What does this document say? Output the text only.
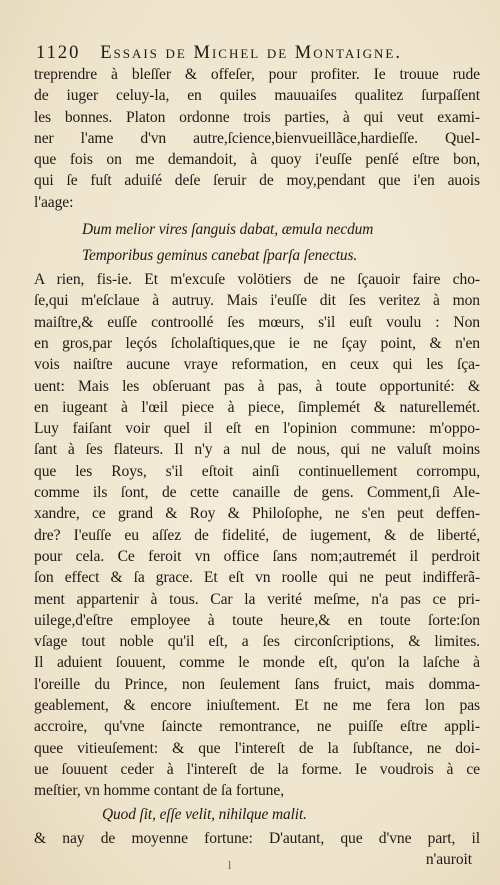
1120 Essais de Michel de Montaigne.
treprendre à bleſſer & offeſer, pour profiter. Ie trouue rude
de iuger celuy-la, en quiles mauuaiſes qualitez ſurpaſſent
les bonnes. Platon ordonne trois parties, à qui veut exami-
ner l'ame d'vn autre,ſcience,bienvueillãce,hardieſſe. Quel-
que fois on me demandoit, à quoy i'euſſe penſé eſtre bon,
qui ſe fuſt aduiſé deſe ſeruir de moy,pendant que i'en auois
l'aage:
Dum melior vires ſanguis dabat, æmula necdum
Temporibus geminus canebat ſparſa ſenectus.
A rien, fis-ie. Et m'excuſe volötiers de ne ſçauoir faire cho-
ſe,qui m'eſclaue à autruy. Mais i'euſſe dit ſes veritez à mon
maiſtre,& euſſe controollé ſes mœurs, s'il euſt voulu : Non
en gros,par leçós ſcholaſtiques,que ie ne ſçay point, & n'en
vois naiſtre aucune vraye reformation, en ceux qui les ſça-
uent: Mais les obſeruant pas à pas, à toute opportunité: &
en iugeant à l'œil piece à piece, ſimplemét & naturellemét.
Luy faiſant voir quel il eſt en l'opinion commune: m'oppo-
ſant à ſes flateurs. Il n'y a nul de nous, qui ne valuſt moins
que les Roys, s'il eſtoit ainſi continuellement corrompu,
comme ils ſont, de cette canaille de gens. Comment,ſi Ale-
xandre, ce grand & Roy & Philoſophe, ne s'en peut deffen-
dre? I'euſſe eu aſſez de fidelité, de iugement, & de liberté,
pour cela. Ce feroit vn office ſans nom;autremét il perdroit
ſon effect & ſa grace. Et eſt vn roolle qui ne peut indifferã-
ment appartenir à tous. Car la verité meſme, n'a pas ce pri-
uilege,d'eſtre employee à toute heure,& en toute ſorte:ſon
vſage tout noble qu'il eſt, a ſes circonſcriptions, & limites.
Il aduient ſouuent, comme le monde eſt, qu'on la laſche à
l'oreille du Prince, non ſeulement ſans fruict, mais domma-
geablement, & encore iniuſtement. Et ne me fera lon pas
accroire, qu'vne ſaincte remontrance, ne puiſſe eſtre appli-
quee vitieuſement: & que l'intereſt de la ſubſtance, ne doi-
ue ſouuent ceder à l'intereſt de la forme. Ie voudrois à ce
meſtier, vn homme contant de ſa fortune,
Quod ſit, eſſe velit, nihilque malit.
& nay de moyenne fortune: D'autant, que d'vne part, il
n'auroit
l
